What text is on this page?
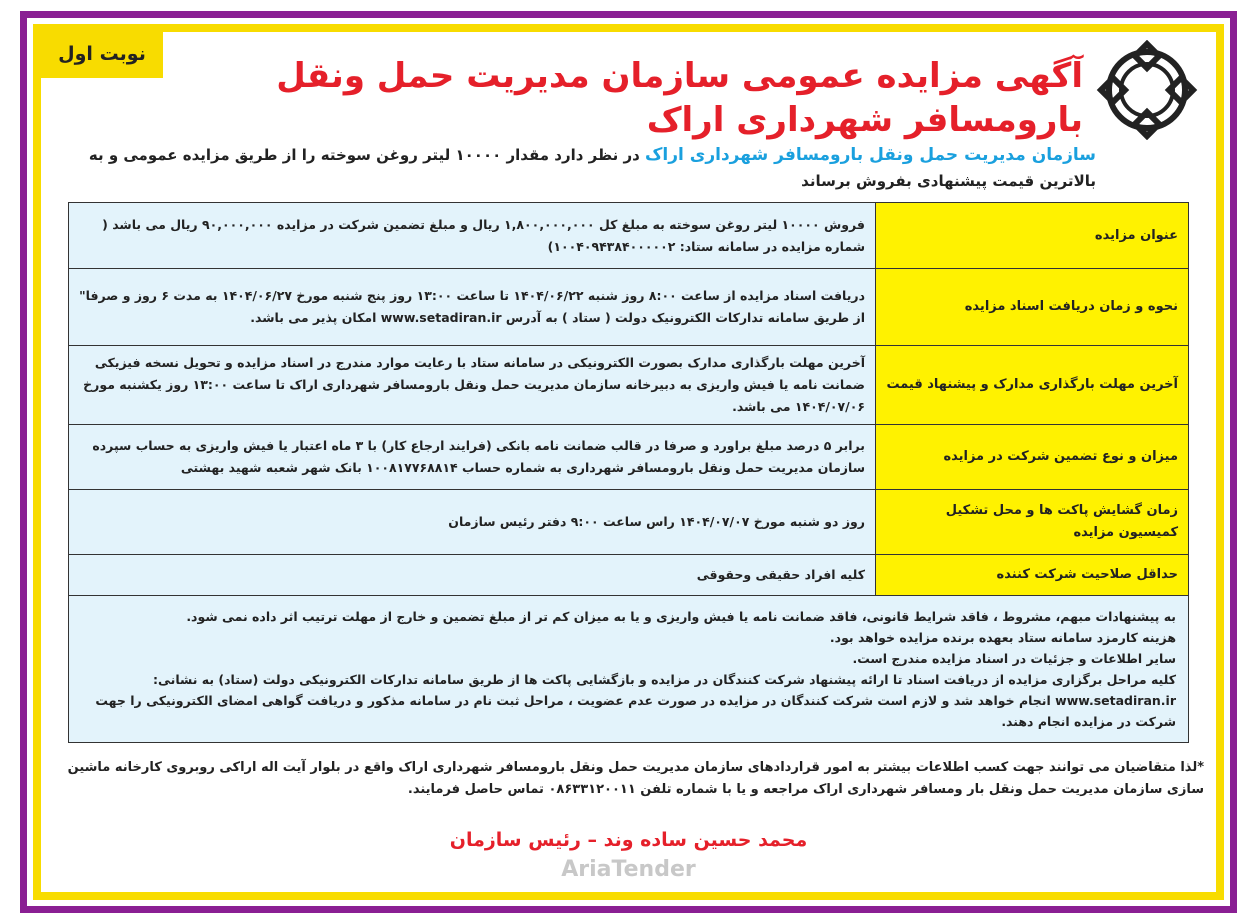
آگهی مزایده عمومی سازمان مدیریت حمل ونقل بارومسافر شهرداری اراک
نوبت اول
سازمان مدیریت حمل ونقل بارومسافر شهرداری اراک در نظر دارد مقدار ۱۰۰۰۰ لیتر روغن سوخته را از طریق مزایده عمومی و به بالاترین قیمت پیشنهادی بفروش برساند
عنوان مزایده	فروش ۱۰۰۰۰ لیتر روغن سوخته به مبلغ کل ۱,۸۰۰,۰۰۰,۰۰۰ ریال و مبلغ تضمین شرکت در مزایده ۹۰,۰۰۰,۰۰۰ ریال می باشد ( شماره مزایده در سامانه ستاد: ۱۰۰۴۰۹۴۳۸۴۰۰۰۰۰۲)
نحوه و زمان دریافت اسناد مزایده	دریافت اسناد مزایده از ساعت ۸:۰۰ روز شنبه ۱۴۰۴/۰۶/۲۲ تا ساعت ۱۳:۰۰ روز پنج شنبه مورخ ۱۴۰۴/۰۶/۲۷ به مدت ۶ روز و صرفا" از طریق سامانه تدارکات الکترونیک دولت ( ستاد ) به آدرس www.setadiran.ir امکان پذیر می باشد.
آخرین مهلت بارگذاری مدارک و پیشنهاد قیمت	آخرین مهلت بارگذاری مدارک بصورت الکترونیکی در سامانه ستاد با رعایت موارد مندرج در اسناد مزایده و تحویل نسخه فیزیکی ضمانت نامه یا فیش واریزی به دبیرخانه سازمان مدیریت حمل ونقل بارومسافر شهرداری اراک تا ساعت ۱۳:۰۰ روز یکشنبه مورخ ۱۴۰۴/۰۷/۰۶ می باشد.
میزان و نوع تضمین شرکت در مزایده	برابر ۵ درصد مبلغ براورد و صرفا در قالب ضمانت نامه بانکی (فرایند ارجاع کار) با ۳ ماه اعتبار یا فیش واریزی به حساب سپرده سازمان مدیریت حمل ونقل بارومسافر شهرداری به شماره حساب ۱۰۰۸۱۷۷۶۸۸۱۴ بانک شهر شعبه شهید بهشتی
زمان گشایش پاکت ها و محل تشکیل کمیسیون مزایده	روز دو شنبه مورخ ۱۴۰۴/۰۷/۰۷ راس ساعت ۹:۰۰ دفتر رئیس سازمان
حداقل صلاحیت شرکت کننده	کلیه افراد حقیقی وحقوقی

به پیشنهادات مبهم، مشروط ، فاقد شرایط قانونی، فاقد ضمانت نامه یا فیش واریزی و یا به میزان کم تر از مبلغ تضمین و خارج از مهلت ترتیب اثر داده نمی شود.
هزینه کارمزد سامانه ستاد بعهده برنده مزایده خواهد بود.
سایر اطلاعات و جزئیات در اسناد مزایده مندرج است.
کلیه مراحل برگزاری مزایده از دریافت اسناد تا ارائه پیشنهاد شرکت کنندگان در مزایده و بازگشایی پاکت ها از طریق سامانه تدارکات الکترونیکی دولت (ستاد) به نشانی: www.setadiran.ir انجام خواهد شد و لازم است شرکت کنندگان در مزایده در صورت عدم عضویت ، مراحل ثبت نام در سامانه مذکور و دریافت گواهی امضای الکترونیکی را جهت شرکت در مزایده انجام دهند.	
*لذا متقاضیان می توانند جهت کسب اطلاعات بیشتر به امور قراردادهای سازمان مدیریت حمل ونقل بارومسافر شهرداری اراک واقع در بلوار آیت اله اراکی روبروی کارخانه ماشین سازی سازمان مدیریت حمل ونقل بار ومسافر شهرداری اراک مراجعه و یا با شماره تلفن ۰۸۶۳۳۱۲۰۰۱۱ تماس حاصل فرمایند.
محمد حسین ساده وند – رئیس سازمان
AriaTender
